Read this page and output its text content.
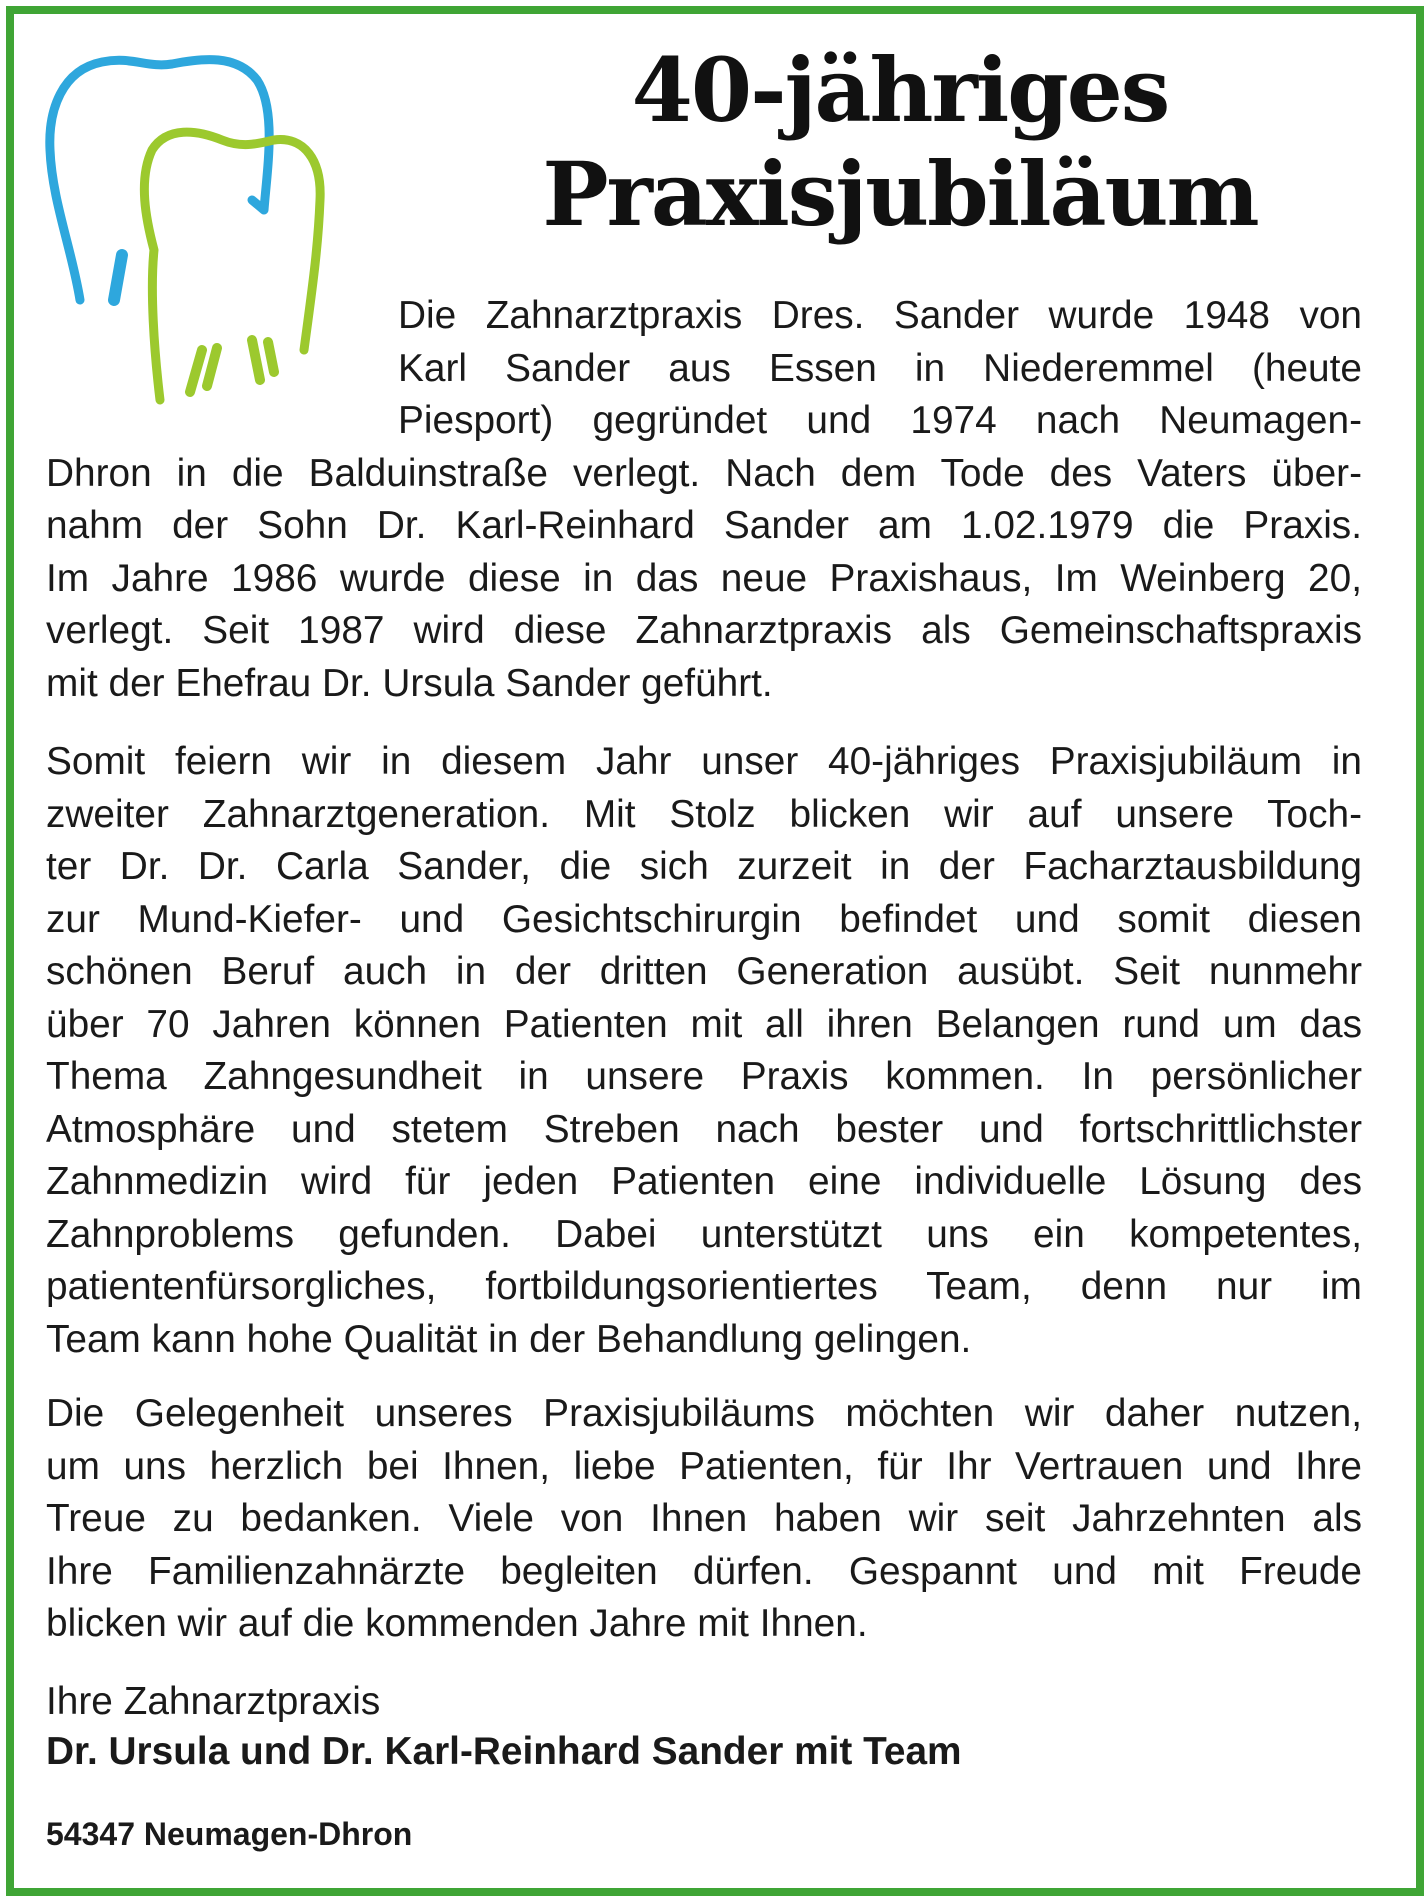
40-jähriges
Praxisjubiläum

Die Zahnarztpraxis Dres. Sander wurde 1948 von
Karl Sander aus Essen in Niederemmel (heute
Piesport) gegründet und 1974 nach Neumagen-
Dhron in die Balduinstraße verlegt. Nach dem Tode des Vaters über-
nahm der Sohn Dr. Karl-Reinhard Sander am 1.02.1979 die Praxis.
Im Jahre 1986 wurde diese in das neue Praxishaus, Im Weinberg 20,
verlegt. Seit 1987 wird diese Zahnarztpraxis als Gemeinschaftspraxis
mit der Ehefrau Dr. Ursula Sander geführt.

Somit feiern wir in diesem Jahr unser 40-jähriges Praxisjubiläum in
zweiter Zahnarztgeneration. Mit Stolz blicken wir auf unsere Toch-
ter Dr. Dr. Carla Sander, die sich zurzeit in der Facharztausbildung
zur Mund-Kiefer- und Gesichtschirurgin befindet und somit diesen
schönen Beruf auch in der dritten Generation ausübt. Seit nunmehr
über 70 Jahren können Patienten mit all ihren Belangen rund um das
Thema Zahngesundheit in unsere Praxis kommen. In persönlicher
Atmosphäre und stetem Streben nach bester und fortschrittlichster
Zahnmedizin wird für jeden Patienten eine individuelle Lösung des
Zahnproblems gefunden. Dabei unterstützt uns ein kompetentes,
patientenfürsorgliches, fortbildungsorientiertes Team, denn nur im
Team kann hohe Qualität in der Behandlung gelingen.

Die Gelegenheit unseres Praxisjubiläums möchten wir daher nutzen,
um uns herzlich bei Ihnen, liebe Patienten, für Ihr Vertrauen und Ihre
Treue zu bedanken. Viele von Ihnen haben wir seit Jahrzehnten als
Ihre Familienzahnärzte begleiten dürfen. Gespannt und mit Freude
blicken wir auf die kommenden Jahre mit Ihnen.

Ihre Zahnarztpraxis
Dr. Ursula und Dr. Karl-Reinhard Sander mit Team
54347 Neumagen-Dhron
